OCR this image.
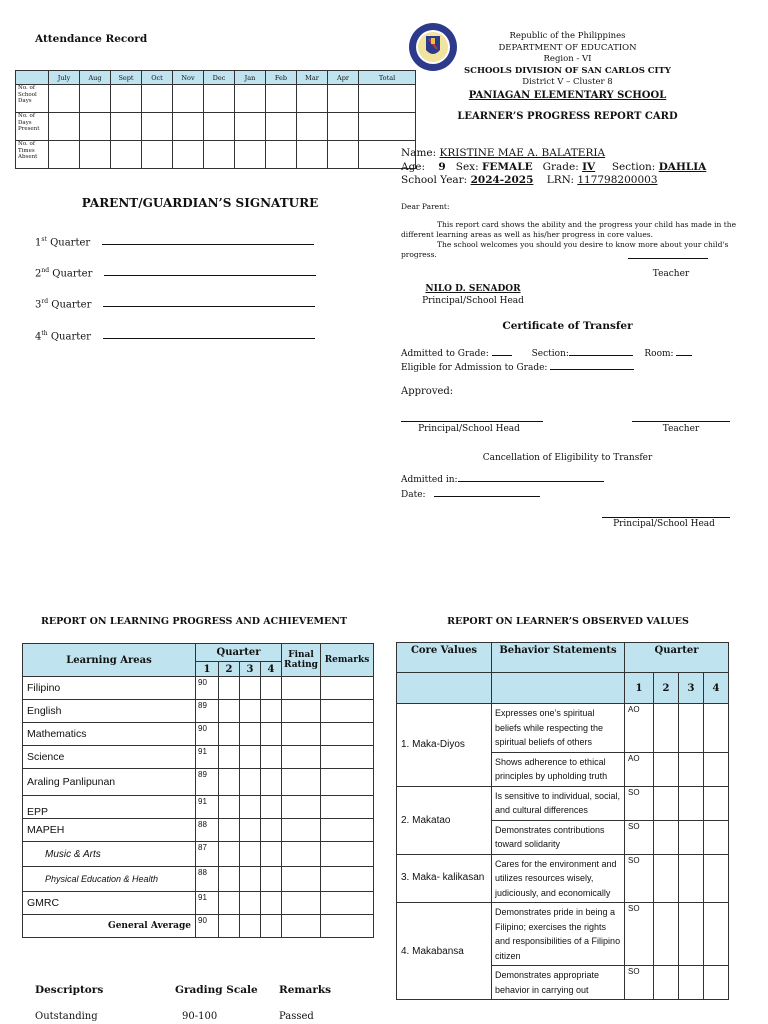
Attendance Record
	July	Aug	Sept	Oct	Nov	Dec	Jan	Feb	Mar	Apr	Total
No. of School Days											
No. of Days Present											
No. of Times Absent											
PARENT/GUARDIAN’S SIGNATURE
1st Quarter
2nd Quarter
3rd Quarter
4th Quarter
Republic of the Philippines
DEPARTMENT OF EDUCATION
Region - VI
SCHOOLS DIVISION OF SAN CARLOS CITY
District V – Cluster 8
PANIAGAN ELEMENTARY SCHOOL
LEARNER’S PROGRESS REPORT CARD
Name: KRISTINE MAE A. BALATERIA
Age: 9 Sex: FEMALE Grade: IV Section: DAHLIA
School Year: 2024-2025 LRN: 117798200003
Dear Parent:
This report card shows the ability and the progress your child has made in the different learning areas as well as his/her progress in core values.
The school welcomes you should you desire to know more about your child's progress.
Teacher
NILO D. SENADOR
Principal/School Head
Certificate of Transfer
Admitted to Grade:	Section:	Room:
Eligible for Admission to Grade:
Approved:
Principal/School Head	Teacher
Cancellation of Eligibility to Transfer
Admitted in:
Date:
Principal/School Head
REPORT ON LEARNING PROGRESS AND ACHIEVEMENT
Learning Areas	Quarter				Final Rating	Remarks
	1	2	3	4		
Filipino	90					
English	89					
Mathematics	90					
Science	91					
Araling Panlipunan	89					
EPP	91					
MAPEH	88					
Music & Arts	87					
Physical Education & Health	88					
GMRC	91					
General Average	90					
Descriptors	Grading Scale Remarks
Outstanding	90-100	Passed
REPORT ON LEARNER’S OBSERVED VALUES
Core Values	Behavior Statements	Quarter			
		1	2	3	4
1. Maka-Diyos	Expresses one’s spiritual beliefs while respecting the spiritual beliefs of others	AO			
	Shows adherence to ethical principles by upholding truth	AO			
2. Makatao	Is sensitive to individual, social, and cultural differences	SO			
	Demonstrates contributions toward solidarity	SO			
3. Maka- kalikasan	Cares for the environment and utilizes resources wisely, judiciously, and economically	SO			
4. Makabansa	Demonstrates pride in being a Filipino; exercises the rights and responsibilities of a Filipino citizen	SO			
	Demonstrates appropriate behavior in carrying out	SO			
